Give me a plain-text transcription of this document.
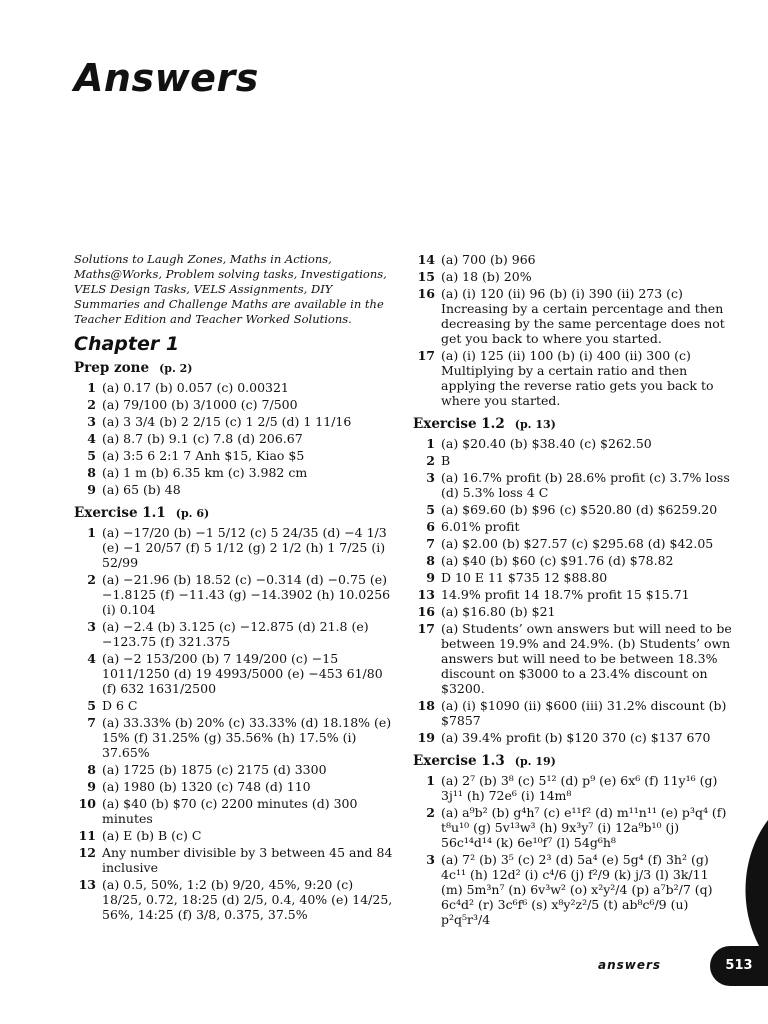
Answers

Solutions to Laugh Zones, Maths in Actions, Maths@Works, Problem solving tasks, Investigations, VELS Design Tasks, VELS Assignments, DIY Summaries and Challenge Maths are available in the Teacher Edition and Teacher Worked Solutions.

Chapter 1
Prep zone (p. 2)
1 (a) 0.17 (b) 0.057 (c) 0.00321
2 (a) 79/100 (b) 3/1000 (c) 7/500
3 (a) 3 3/4 (b) 2 2/15 (c) 1 2/5 (d) 1 11/16
4 (a) 8.7 (b) 9.1 (c) 7.8 (d) 206.67
5 (a) 3:5 6 2:1 7 Anh $15, Kiao $5
8 (a) 1 m (b) 6.35 km (c) 3.982 cm
9 (a) 65 (b) 48
Exercise 1.1 (p. 6)
1 (a) −17/20 (b) −1 5/12 (c) 5 24/35 (d) −4 1/3 (e) −1 20/57 (f) 5 1/12 (g) 2 1/2 (h) 1 7/25 (i) 52/99
2 (a) −21.96 (b) 18.52 (c) −0.314 (d) −0.75 (e) −1.8125 (f) −11.43 (g) −14.3902 (h) 10.0256 (i) 0.104
3 (a) −2.4 (b) 3.125 (c) −12.875 (d) 21.8 (e) −123.75 (f) 321.375
4 (a) −2 153/200 (b) 7 149/200 (c) −15 1011/1250 (d) 19 4993/5000 (e) −453 61/80 (f) 632 1631/2500
5 D 6 C
7 (a) 33.33% (b) 20% (c) 33.33% (d) 18.18% (e) 15% (f) 31.25% (g) 35.56% (h) 17.5% (i) 37.65%
8 (a) 1725 (b) 1875 (c) 2175 (d) 3300
9 (a) 1980 (b) 1320 (c) 748 (d) 110
10 (a) $40 (b) $70 (c) 2200 minutes (d) 300 minutes
11 (a) E (b) B (c) C
12 Any number divisible by 3 between 45 and 84 inclusive
13 (a) 0.5, 50%, 1:2 (b) 9/20, 45%, 9:20 (c) 18/25, 0.72, 18:25 (d) 2/5, 0.4, 40% (e) 14/25, 56%, 14:25 (f) 3/8, 0.375, 37.5%
14 (a) 700 (b) 966
15 (a) 18 (b) 20%
16 (a) (i) 120 (ii) 96 (b) (i) 390 (ii) 273 (c) Increasing by a certain percentage and then decreasing by the same percentage does not get you back to where you started.
17 (a) (i) 125 (ii) 100 (b) (i) 400 (ii) 300 (c) Multiplying by a certain ratio and then applying the reverse ratio gets you back to where you started.
Exercise 1.2 (p. 13)
1 (a) $20.40 (b) $38.40 (c) $262.50
2 B
3 (a) 16.7% profit (b) 28.6% profit (c) 3.7% loss (d) 5.3% loss 4 C
5 (a) $69.60 (b) $96 (c) $520.80 (d) $6259.20
6 6.01% profit
7 (a) $2.00 (b) $27.57 (c) $295.68 (d) $42.05
8 (a) $40 (b) $60 (c) $91.76 (d) $78.82
9 D 10 E 11 $735 12 $88.80
13 14.9% profit 14 18.7% profit 15 $15.71
16 (a) $16.80 (b) $21
17 (a) Students’ own answers but will need to be between 19.9% and 24.9%. (b) Students’ own answers but will need to be between 18.3% discount on $3000 to a 23.4% discount on $3200.
18 (a) (i) $1090 (ii) $600 (iii) 31.2% discount (b) $7857
19 (a) 39.4% profit (b) $120 370 (c) $137 670
Exercise 1.3 (p. 19)
1 (a) 2⁷ (b) 3⁸ (c) 5¹² (d) p⁹ (e) 6x⁶ (f) 11y¹⁶ (g) 3j¹¹ (h) 72e⁶ (i) 14m⁸
2 (a) a⁹b² (b) g⁴h⁷ (c) e¹¹f² (d) m¹¹n¹¹ (e) p³q⁴ (f) t⁸u¹⁰ (g) 5v¹³w³ (h) 9x³y⁷ (i) 12a⁹b¹⁰ (j) 56c¹⁴d¹⁴ (k) 6e¹⁰f⁷ (l) 54g⁶h⁸
3 (a) 7² (b) 3⁵ (c) 2³ (d) 5a⁴ (e) 5g⁴ (f) 3h² (g) 4c¹¹ (h) 12d² (i) c⁴/6 (j) f²/9 (k) j/3 (l) 3k/11 (m) 5m³n⁷ (n) 6v³w² (o) x²y²/4 (p) a⁷b²/7 (q) 6c⁴d² (r) 3c⁶f⁶ (s) x⁸y²z²/5 (t) ab⁸c⁶/9 (u) p²q⁵r³/4
answers	513
